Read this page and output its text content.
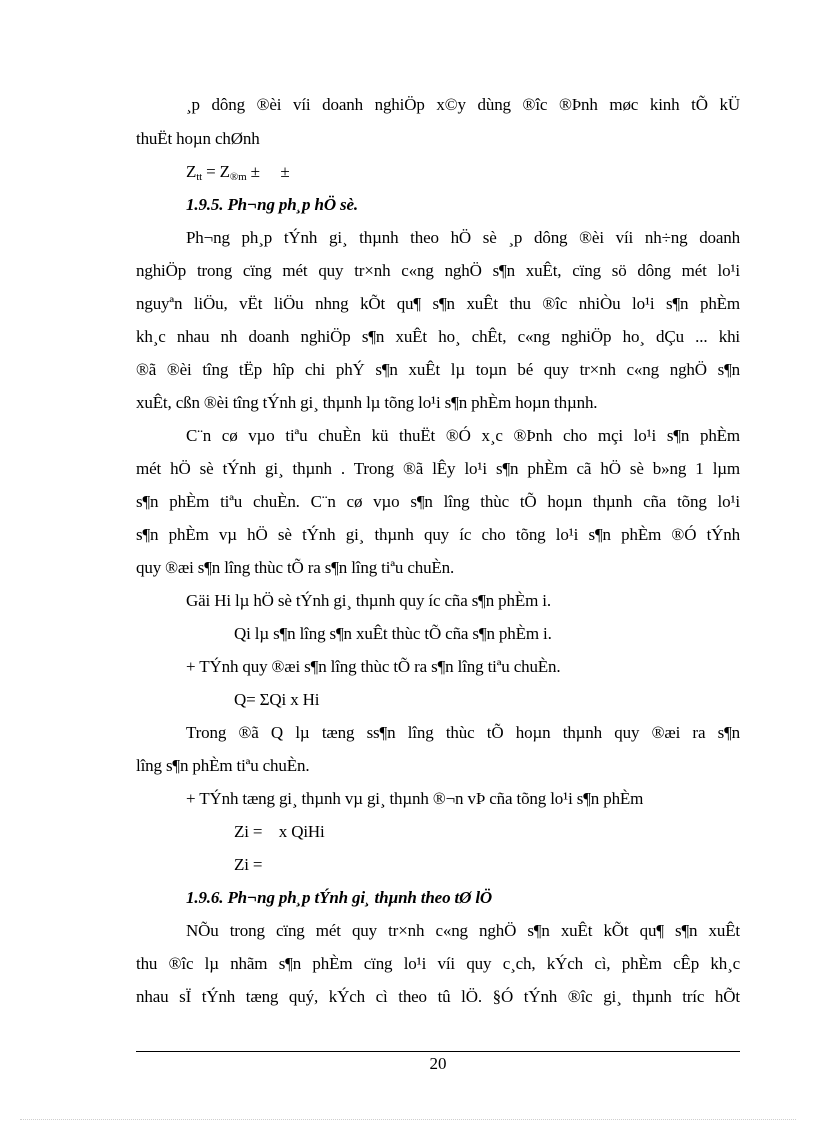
¸p dông ®èi víi doanh nghiÖp x©y dùng ®îc ®Þnh møc kinh tÕ kÜ
thuËt hoµn chØnh
$Z_{tt} = Z_{®m}$ ±     ±
1.9.5. Ph¬ng ph¸p hÖ sè.
Ph¬ng ph¸p tÝnh gi¸ thµnh theo hÖ sè ¸p dông ®èi víi nh÷ng doanh
nghiÖp trong cïng mét quy tr×nh c«ng nghÖ s¶n xuÊt, cïng sö dông mét lo¹i
nguyªn liÖu, vËt liÖu nhng kÕt qu¶ s¶n xuÊt thu ®îc nhiÒu lo¹i s¶n phÈm
kh¸c nhau nh doanh nghiÖp s¶n xuÊt ho¸ chÊt, c«ng nghiÖp ho¸ dÇu ... khi
®ã ®èi tîng tËp hîp chi phÝ s¶n xuÊt lµ toµn bé quy tr×nh c«ng nghÖ s¶n
xuÊt, cßn ®èi tîng tÝnh gi¸ thµnh lµ tõng lo¹i s¶n phÈm hoµn thµnh.
C¨n cø vµo tiªu chuÈn kü thuËt ®Ó x¸c ®Þnh cho mçi lo¹i s¶n phÈm
mét hÖ sè tÝnh gi¸ thµnh . Trong ®ã lÊy lo¹i s¶n phÈm cã hÖ sè b»ng 1 lµm
s¶n phÈm tiªu chuÈn. C¨n cø vµo s¶n lîng thùc tÕ hoµn thµnh cña tõng lo¹i
s¶n phÈm vµ hÖ sè tÝnh gi¸ thµnh quy íc cho tõng lo¹i s¶n phÈm ®Ó tÝnh
quy ®æi s¶n lîng thùc tÕ ra s¶n lîng tiªu chuÈn.
Gäi Hi lµ hÖ sè tÝnh gi¸ thµnh quy íc cña s¶n phÈm i.
Qi lµ s¶n lîng s¶n xuÊt thùc tÕ cña s¶n phÈm i.
+ TÝnh quy ®æi s¶n lîng thùc tÕ ra s¶n lîng tiªu chuÈn.
Q= ΣQi x Hi
Trong ®ã Q lµ tæng ss¶n lîng thùc tÕ hoµn thµnh quy ®æi ra s¶n
lîng s¶n phÈm tiªu chuÈn.
+ TÝnh tæng gi¸ thµnh vµ gi¸ thµnh ®¬n vÞ cña tõng lo¹i s¶n phÈm
Zi =    x QiHi
Zi =
1.9.6. Ph¬ng ph¸p tÝnh gi¸ thµnh theo tØ lÖ
NÕu trong cïng mét quy tr×nh c«ng nghÖ s¶n xuÊt kÕt qu¶ s¶n xuÊt
thu ®îc lµ nhãm s¶n phÈm cïng lo¹i víi quy c¸ch, kÝch cì, phÈm cÊp kh¸c
nhau sÏ tÝnh tæng quý, kÝch cì theo tû lÖ. §Ó tÝnh ®îc gi¸ thµnh tríc hÕt
20
